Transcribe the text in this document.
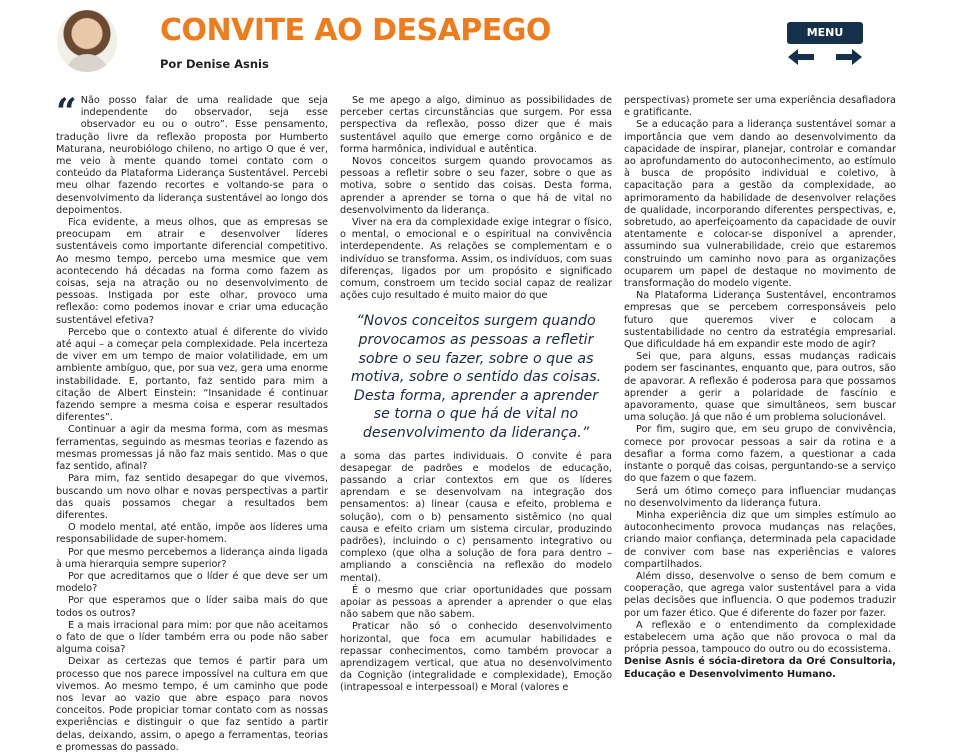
CONVITE AO DESAPEGO
Por Denise Asnis
MENU

“ Não posso falar de uma realidade que seja independente do observador, seja esse observador eu ou o outro”. Esse pensamento, tradução livre da reflexão proposta por Humberto Maturana, neurobiólogo chileno, no artigo O que é ver, me veio à mente quando tomei contato com o conteúdo da Plataforma Liderança Sustentável. Percebi meu olhar fazendo recortes e voltando-se para o desenvolvimento da liderança sustentável ao longo dos depoimentos.

Fica evidente, a meus olhos, que as empresas se preocupam em atrair e desenvolver líderes sustentáveis como importante diferencial competitivo. Ao mesmo tempo, percebo uma mesmice que vem acontecendo há décadas na forma como fazem as coisas, seja na atração ou no desenvolvimento de pessoas. Instigada por este olhar, provoco uma reflexão: como podemos inovar e criar uma educação sustentável efetiva?

Percebo que o contexto atual é diferente do vivido até aqui – a começar pela complexidade. Pela incerteza de viver em um tempo de maior volatilidade, em um ambiente ambíguo, que, por sua vez, gera uma enorme instabilidade. E, portanto, faz sentido para mim a citação de Albert Einstein: “Insanidade é continuar fazendo sempre a mesma coisa e esperar resultados diferentes”.

Continuar a agir da mesma forma, com as mesmas ferramentas, seguindo as mesmas teorias e fazendo as mesmas promessas já não faz mais sentido. Mas o que faz sentido, afinal?

Para mim, faz sentido desapegar do que vivemos, buscando um novo olhar e novas perspectivas a partir das quais possamos chegar a resultados bem diferentes.

O modelo mental, até então, impõe aos líderes uma responsabilidade de super-homem.

Por que mesmo percebemos a liderança ainda ligada à uma hierarquia sempre superior?

Por que acreditamos que o líder é que deve ser um modelo?

Por que esperamos que o líder saiba mais do que todos os outros?

E a mais irracional para mim: por que não aceitamos o fato de que o líder também erra ou pode não saber alguma coisa?

Deixar as certezas que temos é partir para um processo que nos parece impossível na cultura em que vivemos. Ao mesmo tempo, é um caminho que pode nos levar ao vazio que abre espaço para novos conceitos. Pode propiciar tomar contato com as nossas experiências e distinguir o que faz sentido a partir delas, deixando, assim, o apego a ferramentas, teorias e promessas do passado.

Se me apego a algo, diminuo as possibilidades de perceber certas circunstâncias que surgem. Por essa perspectiva da reflexão, posso dizer que é mais sustentável aquilo que emerge como orgânico e de forma harmônica, individual e autêntica.

Novos conceitos surgem quando provocamos as pessoas a refletir sobre o seu fazer, sobre o que as motiva, sobre o sentido das coisas. Desta forma, aprender a aprender se torna o que há de vital no desenvolvimento da liderança.

Viver na era da complexidade exige integrar o físico, o mental, o emocional e o espiritual na convivência interdependente. As relações se complementam e o indivíduo se transforma. Assim, os indivíduos, com suas diferenças, ligados por um propósito e significado comum, constroem um tecido social capaz de realizar ações cujo resultado é muito maior do que

“Novos conceitos surgem quando provocamos as pessoas a refletir sobre o seu fazer, sobre o que as motiva, sobre o sentido das coisas. Desta forma, aprender a aprender se torna o que há de vital no desenvolvimento da liderança.”

a soma das partes individuais. O convite é para desapegar de padrões e modelos de educação, passando a criar contextos em que os líderes aprendam e se desenvolvam na integração dos pensamentos: a) linear (causa e efeito, problema e solução), com o b) pensamento sistêmico (no qual causa e efeito criam um sistema circular, produzindo padrões), incluindo o c) pensamento integrativo ou complexo (que olha a solução de fora para dentro – ampliando a consciência na reflexão do modelo mental).

É o mesmo que criar oportunidades que possam apoiar as pessoas a aprender a aprender o que elas não sabem que não sabem.

Praticar não só o conhecido desenvolvimento horizontal, que foca em acumular habilidades e repassar conhecimentos, como também provocar a aprendizagem vertical, que atua no desenvolvimento da Cognição (integralidade e complexidade), Emoção (intrapessoal e interpessoal) e Moral (valores e

perspectivas) promete ser uma experiência desafiadora e gratificante.

Se a educação para a liderança sustentável somar a importância que vem dando ao desenvolvimento da capacidade de inspirar, planejar, controlar e comandar ao aprofundamento do autoconhecimento, ao estímulo à busca de propósito individual e coletivo, à capacitação para a gestão da complexidade, ao aprimoramento da habilidade de desenvolver relações de qualidade, incorporando diferentes perspectivas, e, sobretudo, ao aperfeiçoamento da capacidade de ouvir atentamente e colocar-se disponível a aprender, assumindo sua vulnerabilidade, creio que estaremos construindo um caminho novo para as organizações ocuparem um papel de destaque no movimento de transformação do modelo vigente.

Na Plataforma Liderança Sustentável, encontramos empresas que se percebem corresponsáveis pelo futuro que queremos viver e colocam a sustentabilidade no centro da estratégia empresarial. Que dificuldade há em expandir este modo de agir?

Sei que, para alguns, essas mudanças radicais podem ser fascinantes, enquanto que, para outros, são de apavorar. A reflexão é poderosa para que possamos aprender a gerir a polaridade de fascínio e apavoramento, quase que simultâneos, sem buscar uma solução. Já que não é um problema solucionável.

Por fim, sugiro que, em seu grupo de convivência, comece por provocar pessoas a sair da rotina e a desafiar a forma como fazem, a questionar a cada instante o porquê das coisas, perguntando-se a serviço do que fazem o que fazem.

Será um ótimo começo para influenciar mudanças no desenvolvimento da liderança futura.

Minha experiência diz que um simples estímulo ao autoconhecimento provoca mudanças nas relações, criando maior confiança, determinada pela capacidade de conviver com base nas experiências e valores compartilhados.

Além disso, desenvolve o senso de bem comum e cooperação, que agrega valor sustentável para a vida pelas decisões que influencia. O que podemos traduzir por um fazer ético. Que é diferente do fazer por fazer.

A reflexão e o entendimento da complexidade estabelecem uma ação que não provoca o mal da própria pessoa, tampouco do outro ou do ecossistema.

Denise Asnis é sócia-diretora da Oré Consultoria, Educação e Desenvolvimento Humano.
